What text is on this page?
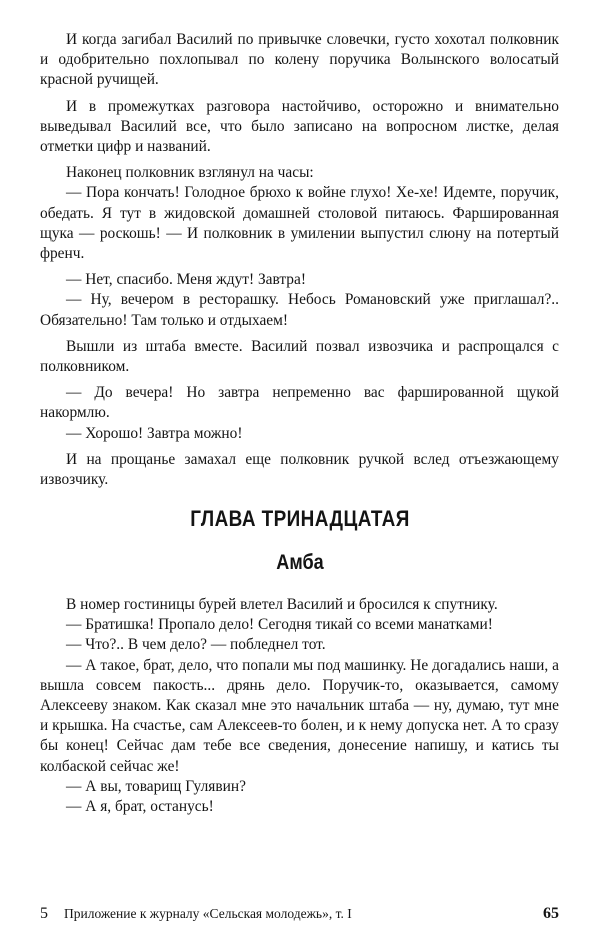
И когда загибал Василий по привычке словечки, густо хохотал полковник и одобрительно похлопывал по колену поручика Волынского волосатый красной ручищей.

И в промежутках разговора настойчиво, осторожно и внимательно выведывал Василий все, что было записано на вопросном листке, делая отметки цифр и названий.

Наконец полковник взглянул на часы:

— Пора кончать! Голодное брюхо к войне глухо! Хе-хе! Идемте, поручик, обедать. Я тут в жидовской домашней столовой питаюсь. Фаршированная щука — роскошь! — И полковник в умилении выпустил слюну на потертый френч.

— Нет, спасибо. Меня ждут! Завтра!

— Ну, вечером в ресторашку. Небось Романовский уже приглашал?.. Обязательно! Там только и отдыхаем!

Вышли из штаба вместе. Василий позвал извозчика и распрощался с полковником.

— До вечера! Но завтра непременно вас фаршированной щукой накормлю.

— Хорошо! Завтра можно!

И на прощанье замахал еще полковник ручкой вслед отъезжающему извозчику.

ГЛАВА ТРИНАДЦАТАЯ
Амба

В номер гостиницы бурей влетел Василий и бросился к спутнику.

— Братишка! Пропало дело! Сегодня тикай со всеми манатками!

— Что?.. В чем дело? — побледнел тот.

— А такое, брат, дело, что попали мы под машинку. Не догадались наши, а вышла совсем пакость... дрянь дело. Поручик-то, оказывается, самому Алексееву знаком. Как сказал мне это начальник штаба — ну, думаю, тут мне и крышка. На счастье, сам Алексеев-то болен, и к нему допуска нет. А то сразу бы конец! Сейчас дам тебе все сведения, донесение напишу, и катись ты колбаской сейчас же!

— А вы, товарищ Гулявин?

— А я, брат, останусь!

5 Приложение к журналу «Сельская молодежь», т. I	65
